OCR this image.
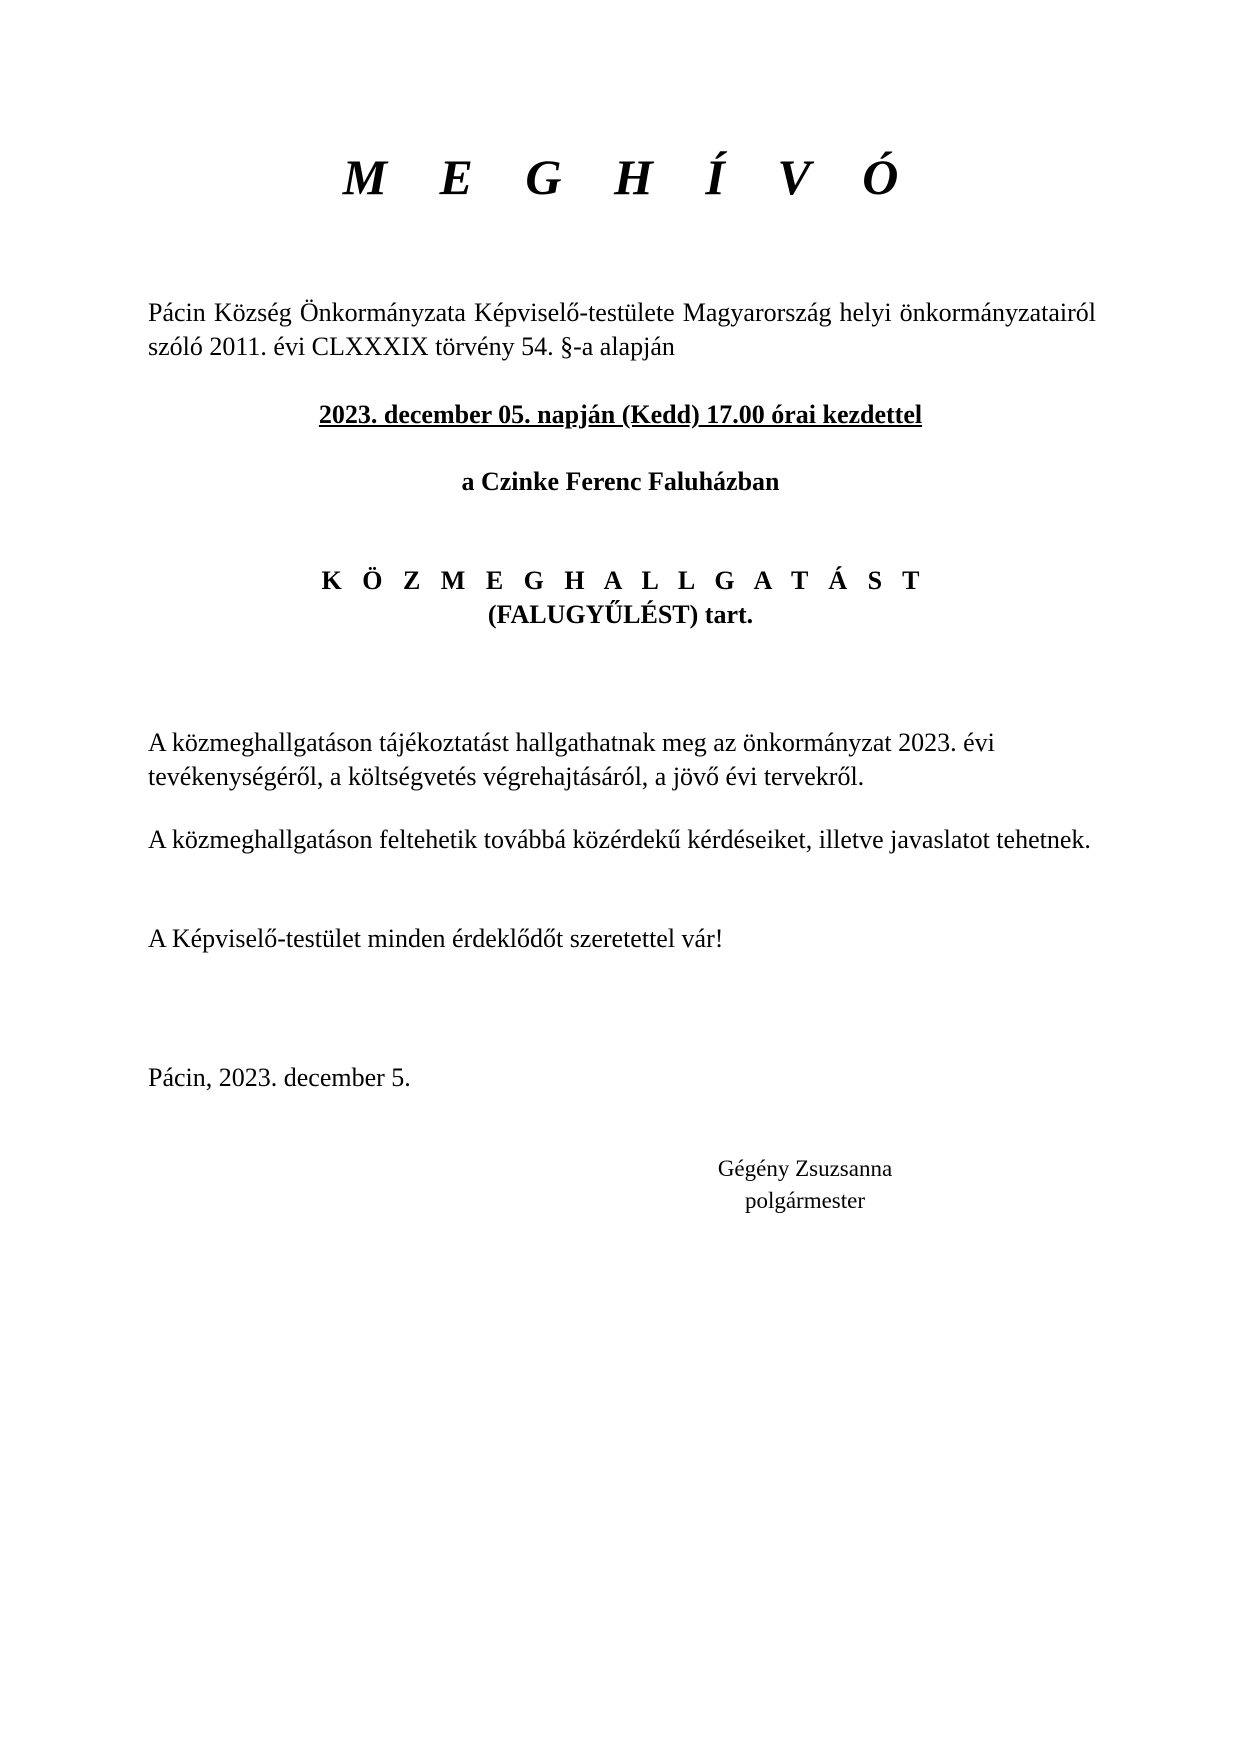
M E G H Í V Ó

Pácin Község Önkormányzata Képviselő-testülete Magyarország helyi önkormányzatairól szóló 2011. évi CLXXXIX törvény 54. §-a alapján

2023. december 05. napján (Kedd) 17.00 órai kezdettel

a Czinke Ferenc Faluházban

K Ö Z M E G H A L L G A T Á S T

(FALUGYŰLÉST) tart.

A közmeghallgatáson tájékoztatást hallgathatnak meg az önkormányzat 2023. évi tevékenységéről, a költségvetés végrehajtásáról, a jövő évi tervekről.

A közmeghallgatáson feltehetik továbbá közérdekű kérdéseiket, illetve javaslatot tehetnek.

A Képviselő-testület minden érdeklődőt szeretettel vár!

Pácin, 2023. december 5.

Gégény Zsuzsanna
polgármester
